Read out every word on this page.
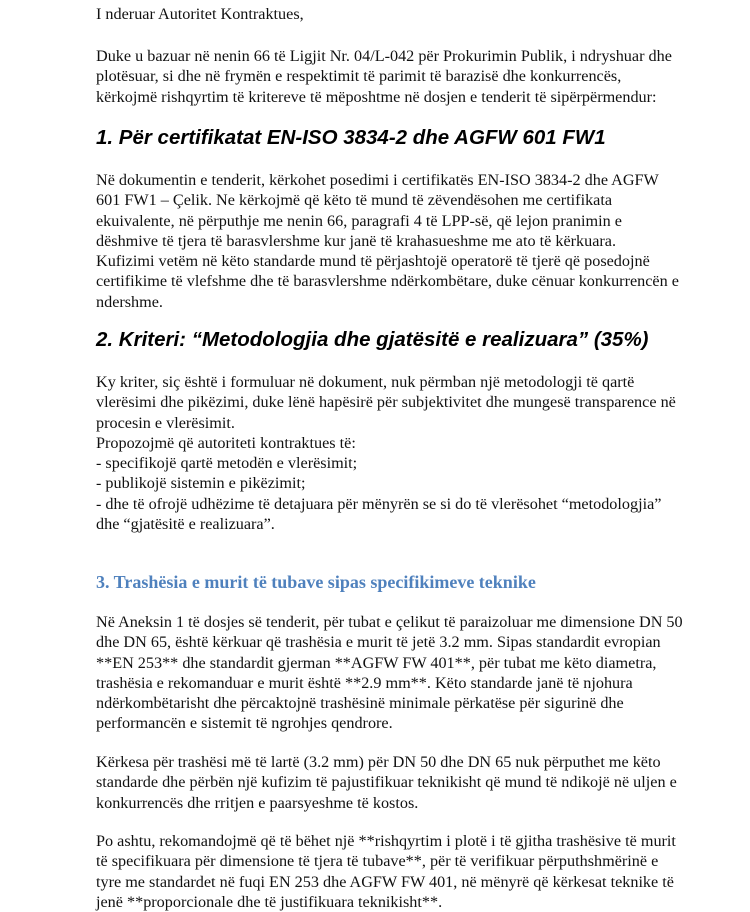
I nderuar Autoritet Kontraktues,
Duke u bazuar në nenin 66 të Ligjit Nr. 04/L-042 për Prokurimin Publik, i ndryshuar dhe
plotësuar, si dhe në frymën e respektimit të parimit të barazisë dhe konkurrencës,
kërkojmë rishqyrtim të kritereve të mëposhtme në dosjen e tenderit të sipërpërmendur:
1. Për certifikatat EN-ISO 3834-2 dhe AGFW 601 FW1
Në dokumentin e tenderit, kërkohet posedimi i certifikatës EN-ISO 3834-2 dhe AGFW
601 FW1 – Çelik. Ne kërkojmë që këto të mund të zëvendësohen me certifikata
ekuivalente, në përputhje me nenin 66, paragrafi 4 të LPP-së, që lejon pranimin e
dëshmive të tjera të barasvlershme kur janë të krahasueshme me ato të kërkuara.
Kufizimi vetëm në këto standarde mund të përjashtojë operatorë të tjerë që posedojnë
certifikime të vlefshme dhe të barasvlershme ndërkombëtare, duke cënuar konkurrencën e
ndershme.
2. Kriteri: “Metodologjia dhe gjatësitë e realizuara” (35%)
Ky kriter, siç është i formuluar në dokument, nuk përmban një metodologji të qartë
vlerësimi dhe pikëzimi, duke lënë hapësirë për subjektivitet dhe mungesë transparence në
procesin e vlerësimit.
Propozojmë që autoriteti kontraktues të:
- specifikojë qartë metodën e vlerësimit;
- publikojë sistemin e pikëzimit;
- dhe të ofrojë udhëzime të detajuara për mënyrën se si do të vlerësohet “metodologjia”
dhe “gjatësitë e realizuara”.
3. Trashësia e murit të tubave sipas specifikimeve teknike
Në Aneksin 1 të dosjes së tenderit, për tubat e çelikut të paraizoluar me dimensione DN 50
dhe DN 65, është kërkuar që trashësia e murit të jetë 3.2 mm. Sipas standardit evropian
**EN 253** dhe standardit gjerman **AGFW FW 401**, për tubat me këto diametra,
trashësia e rekomanduar e murit është **2.9 mm**. Këto standarde janë të njohura
ndërkombëtarisht dhe përcaktojnë trashësinë minimale përkatëse për sigurinë dhe
performancën e sistemit të ngrohjes qendrore.
Kërkesa për trashësi më të lartë (3.2 mm) për DN 50 dhe DN 65 nuk përputhet me këto
standarde dhe përbën një kufizim të pajustifikuar teknikisht që mund të ndikojë në uljen e
konkurrencës dhe rritjen e paarsyeshme të kostos.
Po ashtu, rekomandojmë që të bëhet një **rishqyrtim i plotë i të gjitha trashësive të murit
të specifikuara për dimensione të tjera të tubave**, për të verifikuar përputhshmërinë e
tyre me standardet në fuqi EN 253 dhe AGFW FW 401, në mënyrë që kërkesat teknike të
jenë **proporcionale dhe të justifikuara teknikisht**.
